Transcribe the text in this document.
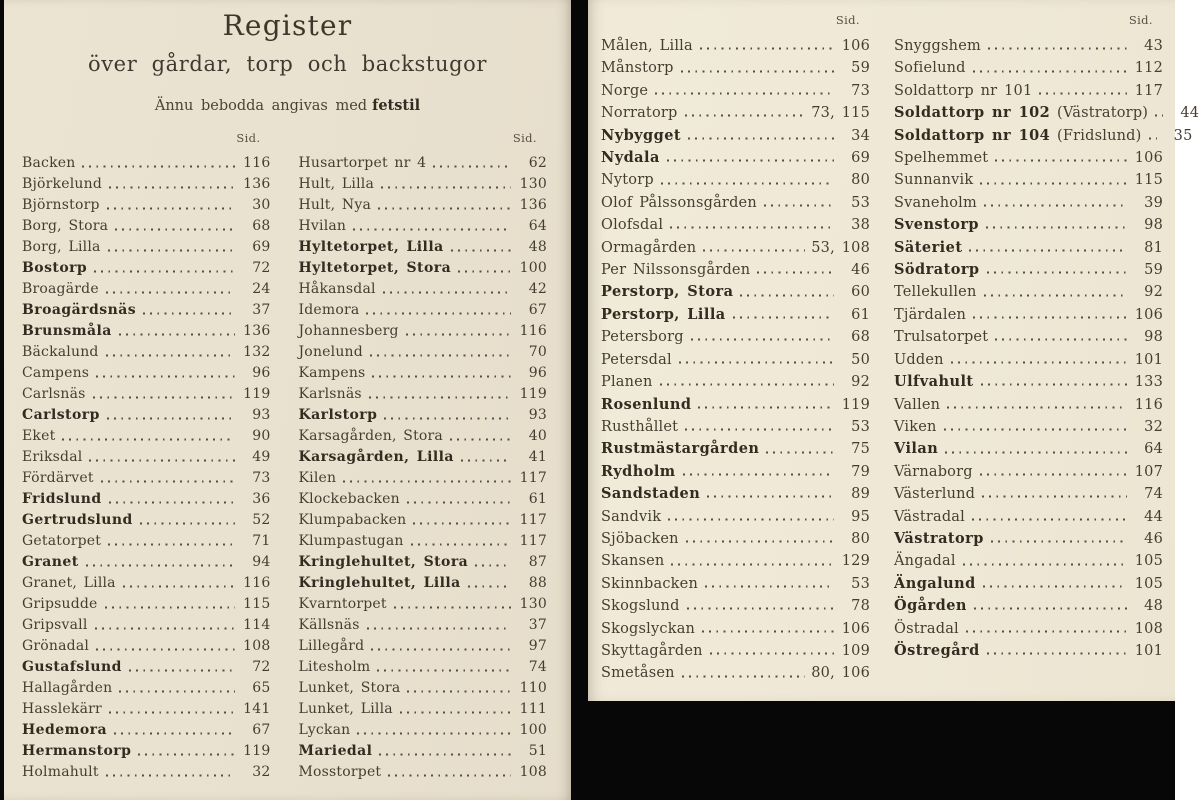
Register
över gårdar, torp och backstugor
Ännu bebodda angivas med fetstil
Sid.
Backen	116
Björkelund	136
Björnstorp	30
Borg, Stora	68
Borg, Lilla	69
Bostorp	72
Broagärde	24
Broagärdsnäs	37
Brunsmåla	136
Bäckalund	132
Campens	96
Carlsnäs	119
Carlstorp	93
Eket	90
Eriksdal	49
Fördärvet	73
Fridslund	36
Gertrudslund	52
Getatorpet	71
Granet	94
Granet, Lilla	116
Gripsudde	115
Gripsvall	114
Grönadal	108
Gustafslund	72
Hallagården	65
Hasslekärr	141
Hedemora	67
Hermanstorp	119
Holmahult	32
Sid.
Husartorpet nr 4	62
Hult, Lilla	130
Hult, Nya	136
Hvilan	64
Hyltetorpet, Lilla	48
Hyltetorpet, Stora	100
Håkansdal	42
Idemora	67
Johannesberg	116
Jonelund	70
Kampens	96
Karlsnäs	119
Karlstorp	93
Karsagården, Stora	40
Karsagården, Lilla	41
Kilen	117
Klockebacken	61
Klumpabacken	117
Klumpastugan	117
Kringlehultet, Stora	87
Kringlehultet, Lilla	88
Kvarntorpet	130
Källsnäs	37
Lillegård	97
Litesholm	74
Lunket, Stora	110
Lunket, Lilla	111
Lyckan	100
Mariedal	51
Mosstorpet	108
Sid.
Målen, Lilla	106
Månstorp	59
Norge	73
Norratorp	73, 115
Nybygget	34
Nydala	69
Nytorp	80
Olof Pålssonsgården	53
Olofsdal	38
Ormagården	53, 108
Per Nilssonsgården	46
Perstorp, Stora	60
Perstorp, Lilla	61
Petersborg	68
Petersdal	50
Planen	92
Rosenlund	119
Rusthållet	53
Rustmästargården	75
Rydholm	79
Sandstaden	89
Sandvik	95
Sjöbacken	80
Skansen	129
Skinnbacken	53
Skogslund	78
Skogslyckan	106
Skyttagården	109
Smetåsen	80, 106
Sid.
Snyggshem	43
Sofielund	112
Soldattorp nr 101	117
Soldattorp nr 102 (Västratorp)	44
Soldattorp nr 104 (Fridslund)	35
Spelhemmet	106
Sunnanvik	115
Svaneholm	39
Svenstorp	98
Säteriet	81
Södratorp	59
Tellekullen	92
Tjärdalen	106
Trulsatorpet	98
Udden	101
Ulfvahult	133
Vallen	116
Viken	32
Vilan	64
Värnaborg	107
Västerlund	74
Västradal	44
Västratorp	46
Ängadal	105
Ängalund	105
Ögården	48
Östradal	108
Östregård	101
